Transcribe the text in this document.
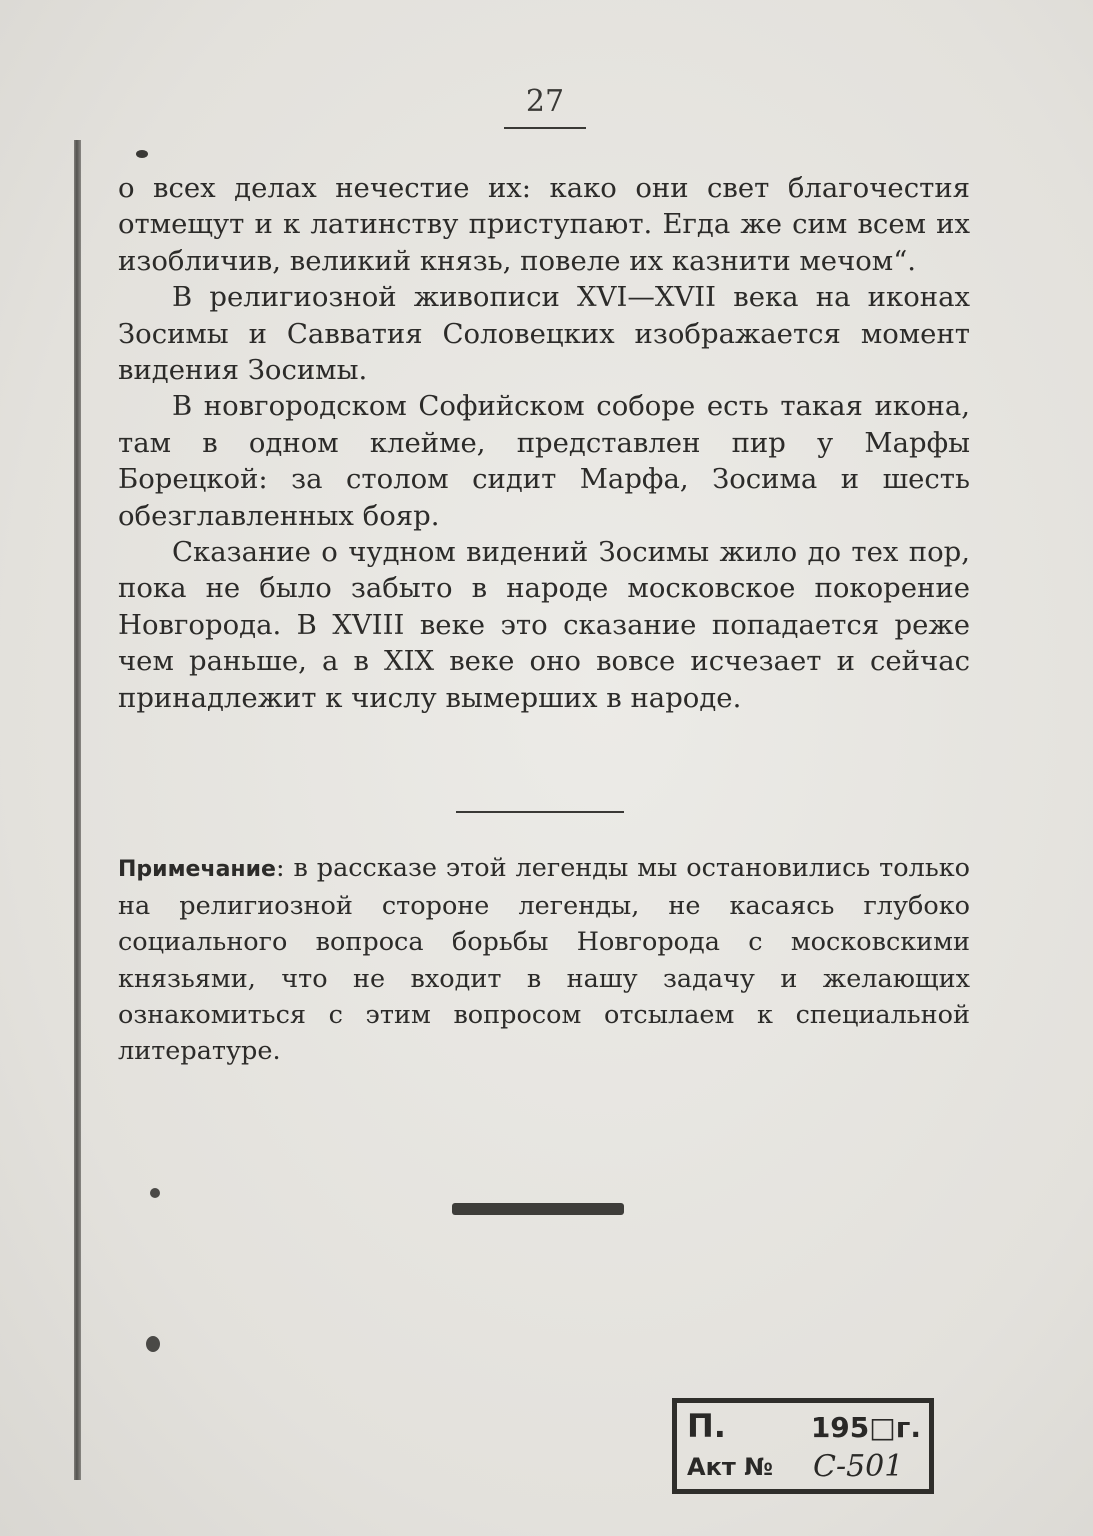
27

о всех делах нечестие их: како они свет благочестия отмещут и к латинству приступают. Егда же сим всем их изобличив, великий князь, повеле их казнити мечом“.

В религиозной живописи XVI—XVII века на иконах Зосимы и Савватия Соловецких изображается момент видения Зосимы.

В новгородском Софийском соборе есть такая икона, там в одном клейме, представлен пир у Марфы Борецкой: за столом сидит Марфа, Зосима и шесть обезглавленных бояр.

Сказание о чудном видений Зосимы жило до тех пор, пока не было забыто в народе московское покорение Новгорода. В XVIII веке это сказание попадается реже чем раньше, а в XIX веке оно вовсе исчезает и сейчас принадлежит к числу вымерших в народе.

Примечание: в рассказе этой легенды мы остановились только на религиозной стороне легенды, не касаясь глубоко социального вопроса борьбы Новгорода с московскими князьями, что не входит в нашу задачу и желающих ознакомиться с этим вопросом отсылаем к специальной литературе.
П.	195□г.
Акт № С-501
